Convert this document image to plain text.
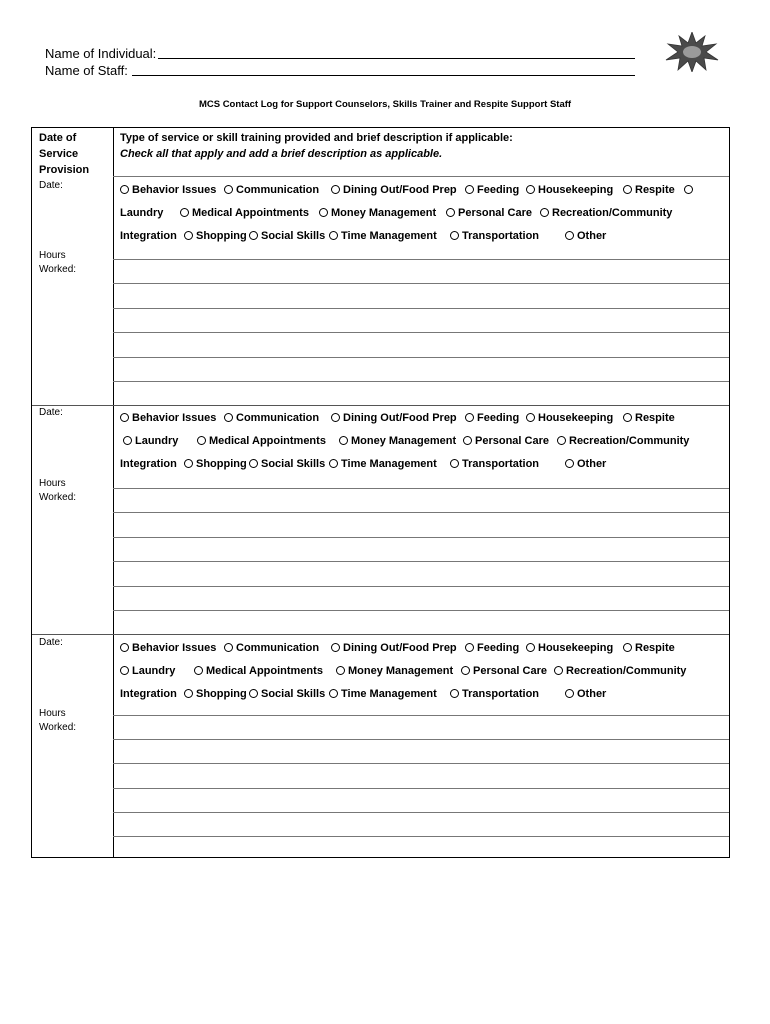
Name of Individual:
Name of Staff:
MCS Contact Log for Support Counselors, Skills Trainer and Respite Support Staff
Date of
Service
Provision
Type of service or skill training provided and brief description if applicable:
Check all that apply and add a brief description as applicable.
Date:
Hours
Worked:
Behavior Issues	Communication	Dining Out/Food Prep	Feeding	Housekeeping	Respite
Laundry	Medical Appointments	Money Management	Personal Care	Recreation/Community
Integration	Shopping	Social Skills	Time Management	Transportation	Other
Date:
Hours
Worked:
Behavior Issues	Communication	Dining Out/Food Prep	Feeding	Housekeeping	Respite
Laundry	Medical Appointments	Money Management	Personal Care	Recreation/Community
Integration	Shopping	Social Skills	Time Management	Transportation	Other
Date:
Hours
Worked:
Behavior Issues	Communication	Dining Out/Food Prep	Feeding	Housekeeping	Respite
Laundry	Medical Appointments	Money Management	Personal Care	Recreation/Community
Integration	Shopping	Social Skills	Time Management	Transportation	Other
